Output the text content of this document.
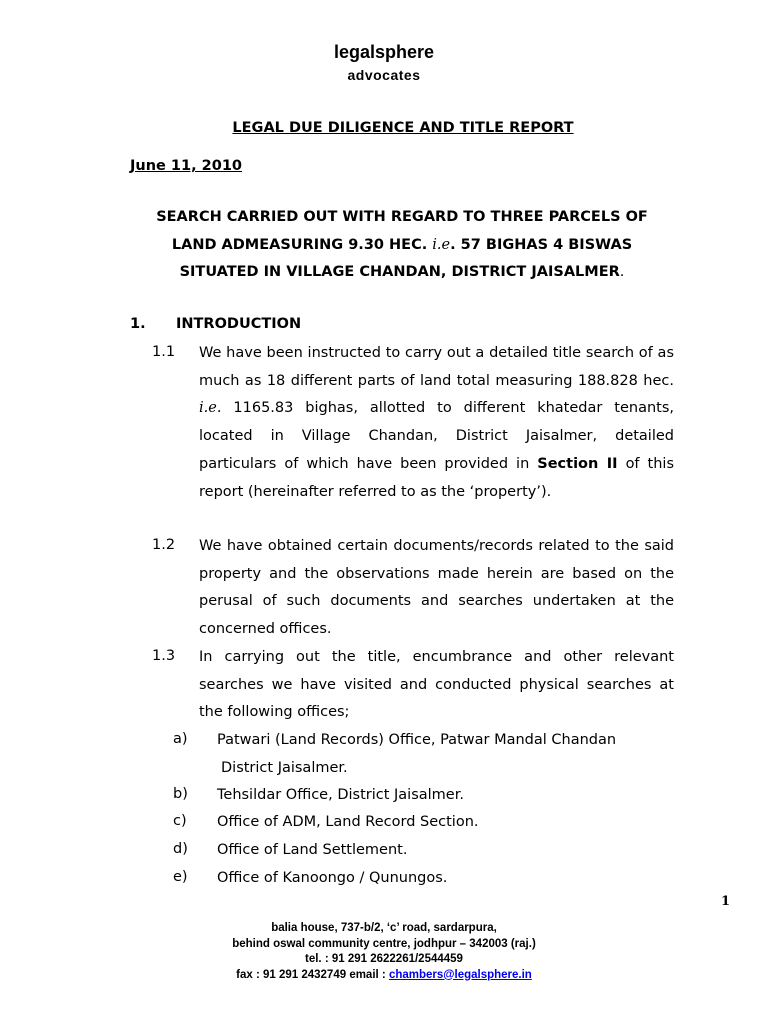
legalsphere
advocates
LEGAL DUE DILIGENCE AND TITLE REPORT
June 11, 2010
SEARCH CARRIED OUT WITH REGARD TO THREE PARCELS OF
LAND ADMEASURING 9.30 HEC. i.e. 57 BIGHAS 4 BISWAS
SITUATED IN VILLAGE CHANDAN, DISTRICT JAISALMER.
1. INTRODUCTION
1.1 We have been instructed to carry out a detailed title search of as much as 18 different parts of land total measuring 188.828 hec. i.e. 1165.83 bighas, allotted to different khatedar tenants, located in Village Chandan, District Jaisalmer, detailed particulars of which have been provided in Section II of this report (hereinafter referred to as the ‘property’).
1.2 We have obtained certain documents/records related to the said property and the observations made herein are based on the perusal of such documents and searches undertaken at the concerned offices.
1.3 In carrying out the title, encumbrance and other relevant searches we have visited and conducted physical searches at the following offices;
a) Patwari (Land Records) Office, Patwar Mandal Chandan
District Jaisalmer.
b) Tehsildar Office, District Jaisalmer.
c) Office of ADM, Land Record Section.
d) Office of Land Settlement.
e) Office of Kanoongo / Qunungos.
1
balia house, 737-b/2, ‘c’ road, sardarpura,
behind oswal community centre, jodhpur – 342003 (raj.)
tel. : 91 291 2622261/2544459
fax : 91 291 2432749 email : chambers@legalsphere.in
